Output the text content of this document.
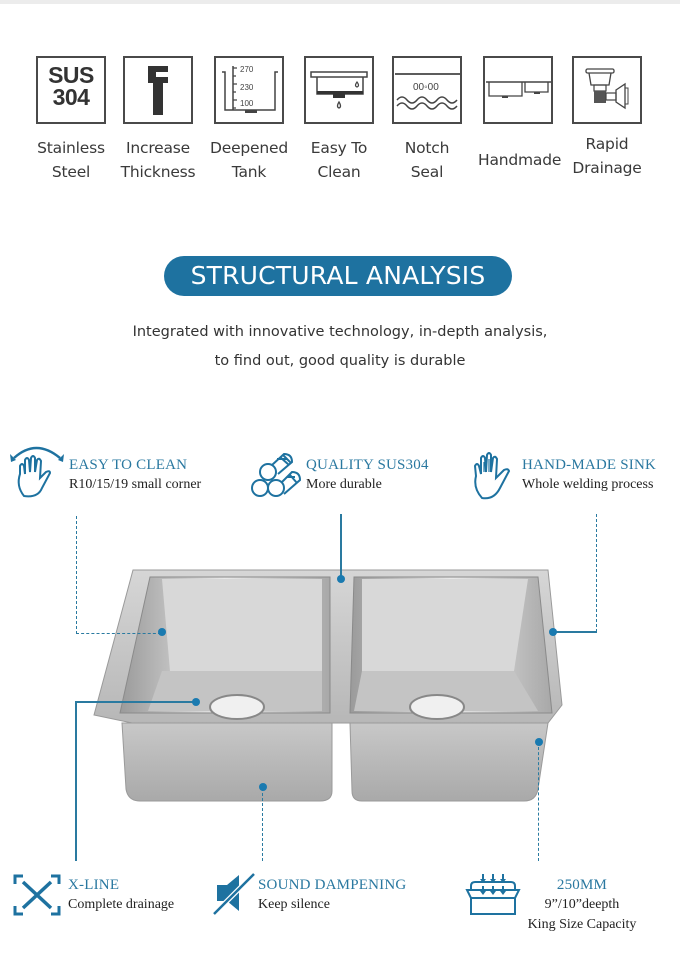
SUS
304
Stainless
Steel
Increase
Thickness
270
230
100
Deepened
Tank
Easy To
Clean
00◦00
Notch
Seal
Handmade
Rapid
Drainage
STRUCTURAL ANALYSIS
Integrated with innovative technology, in-depth analysis,
to find out, good quality is durable
EASY TO CLEAN
R10/15/19 small corner
QUALITY SUS304
More durable
HAND-MADE SINK
Whole welding process
X-LINE
Complete drainage
SOUND DAMPENING
Keep silence
250MM
9”/10”deepth
King Size Capacity
